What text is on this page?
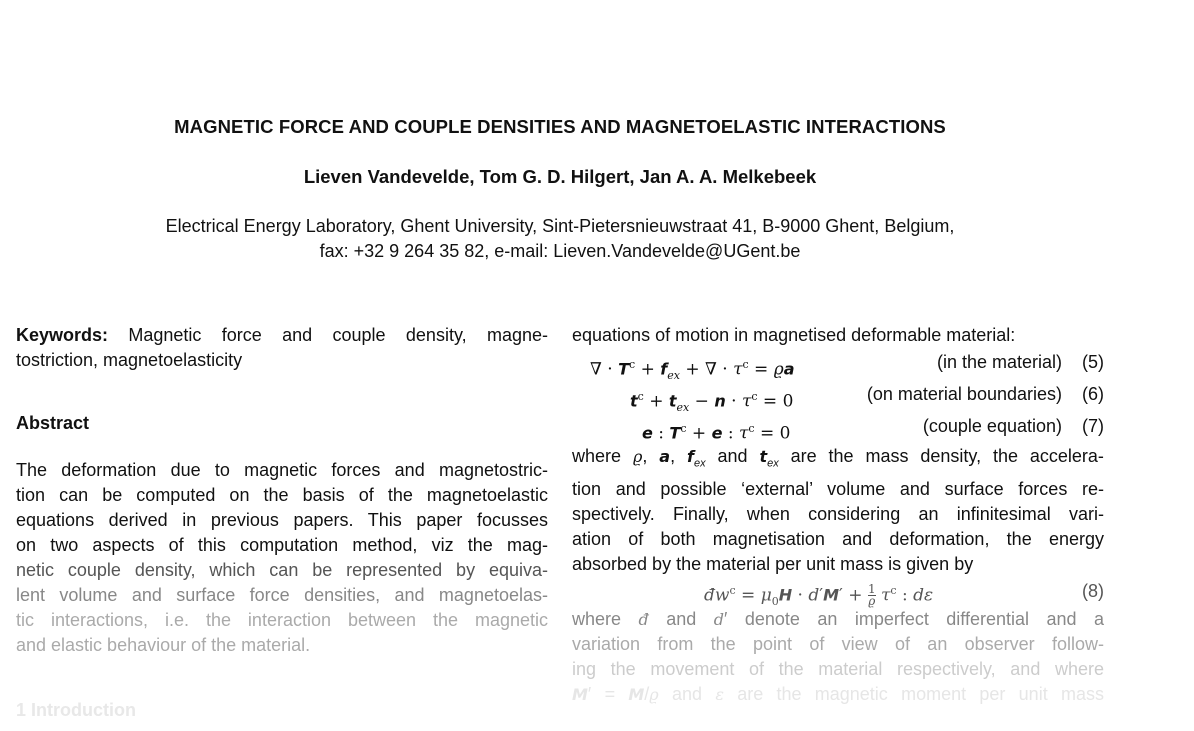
MAGNETIC FORCE AND COUPLE DENSITIES AND MAGNETOELASTIC INTERACTIONS
Lieven Vandevelde, Tom G. D. Hilgert, Jan A. A. Melkebeek
Electrical Energy Laboratory, Ghent University, Sint-Pietersnieuwstraat 41, B-9000 Ghent, Belgium,
fax: +32 9 264 35 82, e-mail: Lieven.Vandevelde@UGent.be
Keywords: Magnetic force and couple density, magne-
tostriction, magnetoelasticity
Abstract
The deformation due to magnetic forces and magnetostric-
tion can be computed on the basis of the magnetoelastic
equations derived in previous papers. This paper focusses
on two aspects of this computation method, viz the mag-
netic couple density, which can be represented by equiva-
lent volume and surface force densities, and magnetoelas-
tic interactions, i.e. the interaction between the magnetic
and elastic behaviour of the material.
1 Introduction
equations of motion in magnetised deformable material:
∇ · $T^c + f_{ex}$ + ∇ · $\tau^c = ϱa$	(in the material) (5)
$t^c + t_{ex} - n \cdot \tau^c = 0$	(on material boundaries) (6)
e : $T^c + e$ : $\tau^c = 0$	(couple equation) (7)
where ϱ, a, $f_{ex}$ and $t_{ex}$ are the mass density, the accelera-
tion and possible ‘external’ volume and surface forces re-
spectively. Finally, when considering an infinitesimal vari-
ation of both magnetisation and deformation, the energy
absorbed by the material per unit mass is given by
$đw^c = \mu_0H \cdot d'M' + \frac{1}{ϱ} \tau^c$ : dε	(8)
where đ and d′ denote an imperfect differential and a
variation from the point of view of an observer follow-
ing the movement of the material respectively, and where
M′ = M/ϱ and ε are the magnetic moment per unit mass
